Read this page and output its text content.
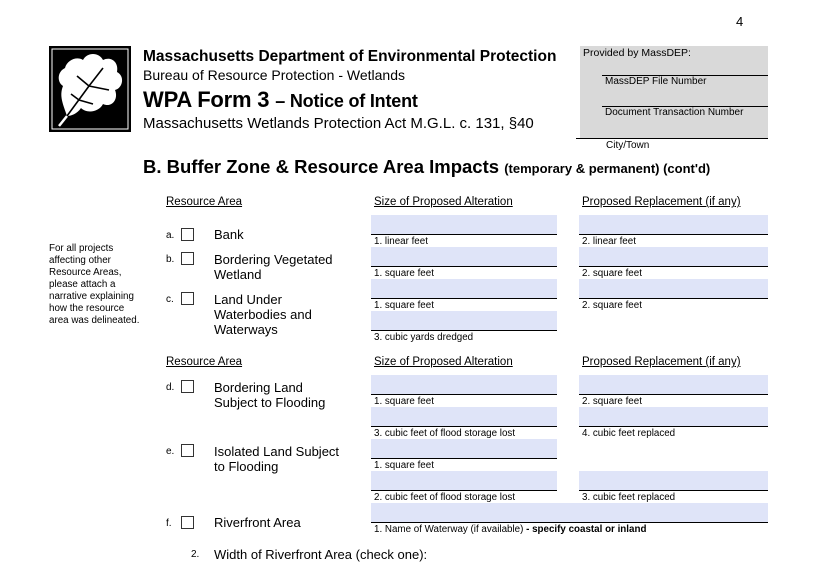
4
Massachusetts Department of Environmental Protection
Bureau of Resource Protection - Wetlands
WPA Form 3 – Notice of Intent
Massachusetts Wetlands Protection Act M.G.L. c. 131, §40
Provided by MassDEP:
MassDEP File Number
Document Transaction Number
City/Town
B. Buffer Zone & Resource Area Impacts (temporary & permanent) (cont'd)
Resource Area	Size of Proposed Alteration	Proposed Replacement (if any)
For all projects affecting other Resource Areas, please attach a narrative explaining how the resource area was delineated.
a.	Bank	1. linear feet	2. linear feet
b.	Bordering Vegetated Wetland	1. square feet	2. square feet
c.	Land Under Waterbodies and Waterways
1. square feet	2. square feet
3. cubic yards dredged
Resource Area	Size of Proposed Alteration	Proposed Replacement (if any)
d.	Bordering Land Subject to Flooding	1. square feet	2. square feet
3. cubic feet of flood storage lost	4. cubic feet replaced
e.	Isolated Land Subject to Flooding	1. square feet
2. cubic feet of flood storage lost	3. cubic feet replaced
f.	Riverfront Area	1. Name of Waterway (if available) - specify coastal or inland
2. Width of Riverfront Area (check one):
